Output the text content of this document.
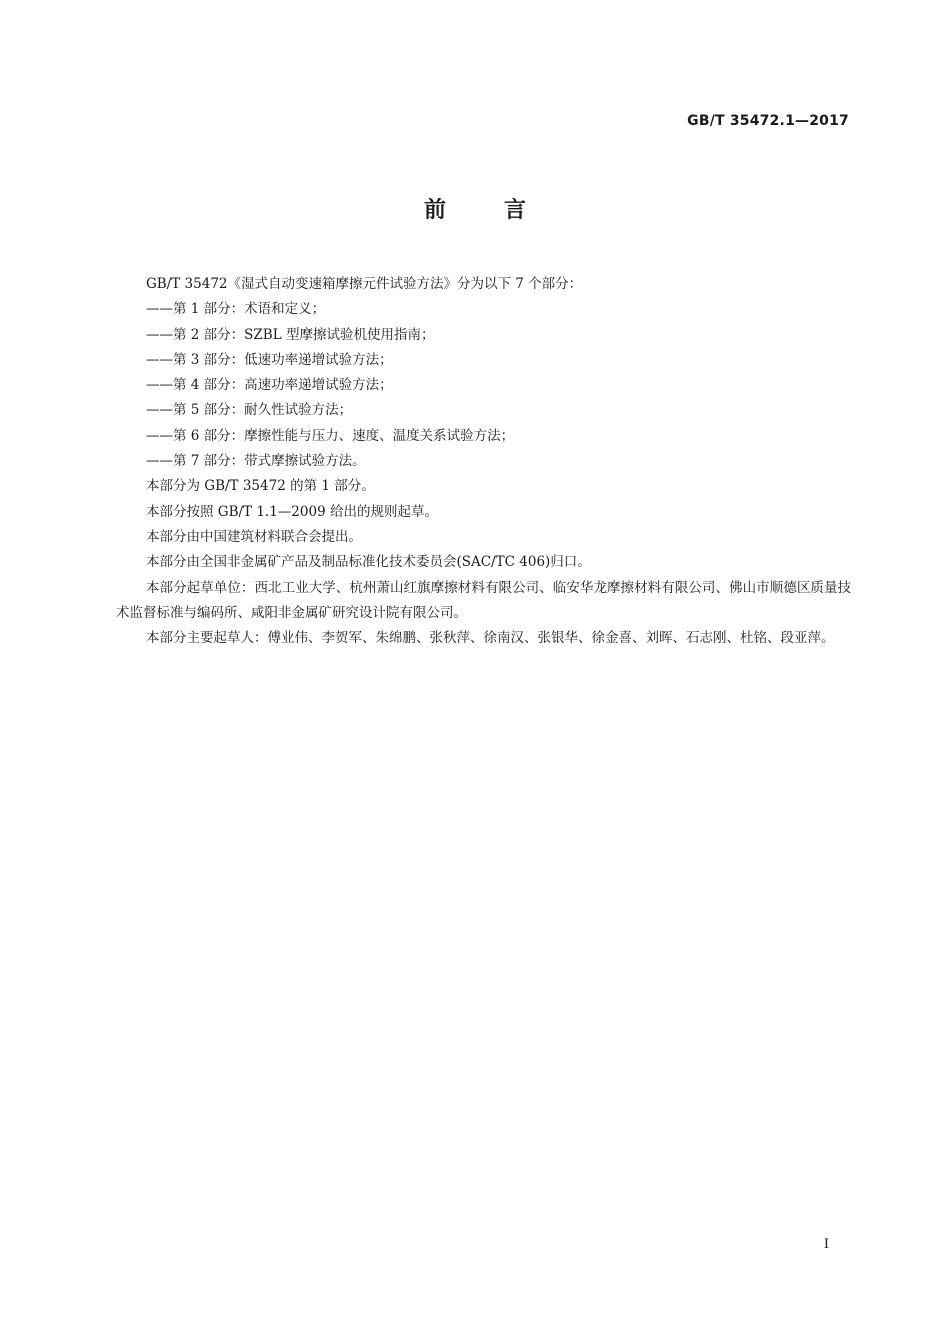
GB/T 35472.1—2017
前言

GB/T 35472《湿式自动变速箱摩擦元件试验方法》分为以下 7 个部分：

——第 1 部分：术语和定义；

——第 2 部分：SZBL 型摩擦试验机使用指南；

——第 3 部分：低速功率递增试验方法；

——第 4 部分：高速功率递增试验方法；

——第 5 部分：耐久性试验方法；

——第 6 部分：摩擦性能与压力、速度、温度关系试验方法；

——第 7 部分：带式摩擦试验方法。

本部分为 GB/T 35472 的第 1 部分。

本部分按照 GB/T 1.1—2009 给出的规则起草。

本部分由中国建筑材料联合会提出。

本部分由全国非金属矿产品及制品标准化技术委员会(SAC/TC 406)归口。

本部分起草单位：西北工业大学、杭州萧山红旗摩擦材料有限公司、临安华龙摩擦材料有限公司、佛山市顺德区质量技术监督标准与编码所、咸阳非金属矿研究设计院有限公司。

本部分主要起草人：傅业伟、李贺军、朱绵鹏、张秋萍、徐南汉、张银华、徐金喜、刘晖、石志刚、杜铭、段亚萍。

I
